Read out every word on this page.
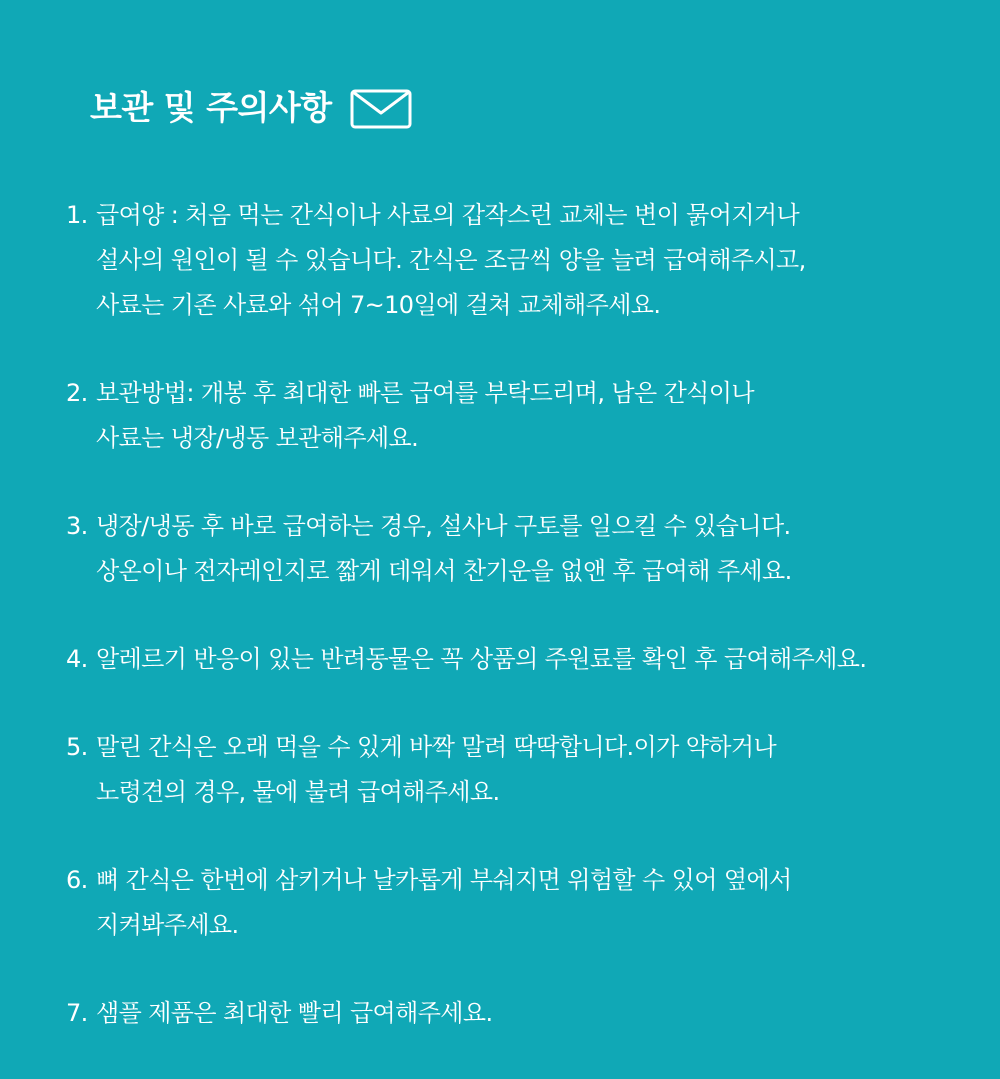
보관 및 주의사항
1. 급여양 : 처음 먹는 간식이나 사료의 갑작스런 교체는 변이 묽어지거나
설사의 원인이 될 수 있습니다. 간식은 조금씩 양을 늘려 급여해주시고,
사료는 기존 사료와 섞어 7~10일에 걸쳐 교체해주세요.
2. 보관방법: 개봉 후 최대한 빠른 급여를 부탁드리며, 남은 간식이나
사료는 냉장/냉동 보관해주세요.
3. 냉장/냉동 후 바로 급여하는 경우, 설사나 구토를 일으킬 수 있습니다.
상온이나 전자레인지로 짧게 데워서 찬기운을 없앤 후 급여해 주세요.
4. 알레르기 반응이 있는 반려동물은 꼭 상품의 주원료를 확인 후 급여해주세요.
5. 말린 간식은 오래 먹을 수 있게 바짝 말려 딱딱합니다.이가 약하거나
노령견의 경우, 물에 불려 급여해주세요.
6. 뼈 간식은 한번에 삼키거나 날카롭게 부숴지면 위험할 수 있어 옆에서
지켜봐주세요.
7. 샘플 제품은 최대한 빨리 급여해주세요.
